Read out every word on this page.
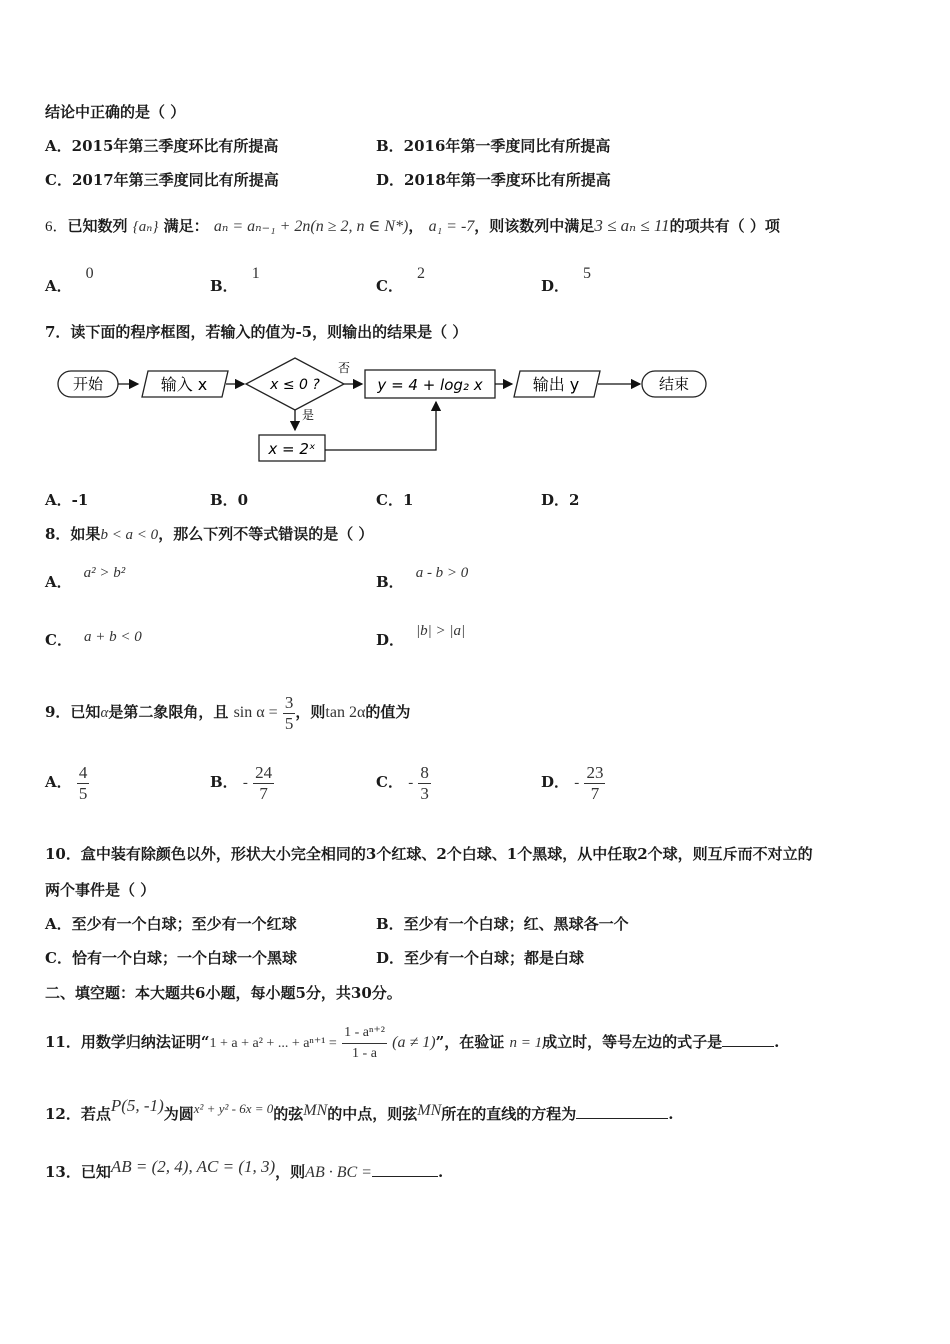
结论中正确的是（ ）
A．2015年第三季度环比有所提高	B．2016年第一季度同比有所提高
C．2017年第三季度同比有所提高	D．2018年第一季度环比有所提高
6．已知数列 {aₙ} 满足： aₙ = aₙ₋₁ + 2n(n ≥ 2, n ∈ N*)， a₁ = -7，则该数列中满足3 ≤ aₙ ≤ 11的项共有（ ）项
A．0
B．1
C．2
D．5
7．读下面的程序框图，若输入的值为-5，则输出的结果是（ ）
开始	输入 x	x ≤ 0 ?
否
y = 4 + log₂ x	输出 y	结束
是
x = 2ˣ
A．-1	B．0	C．1	D．2
8．如果b < a < 0，那么下列不等式错误的是（ ）
A． a² > b²	B． a - b > 0
C． a + b < 0	D． |b| > |a|
9．已知α是第二象限角，且 $\sin \alpha = \frac{3}{5}$ ，则tan 2α的值为
A． $\frac{4}{5}$	B． - $\frac{24}{7}$	C． - $\frac{8}{3}$	D． - $\frac{23}{7}$
10．盒中装有除颜色以外，形状大小完全相同的3个红球、2个白球、1个黑球，从中任取2个球，则互斥而不对立的
两个事件是（ ）
A．至少有一个白球；至少有一个红球	B．至少有一个白球；红、黑球各一个
C．恰有一个白球；一个白球一个黑球	D．至少有一个白球；都是白球
二、填空题：本大题共6小题，每小题5分，共30分。
11．用数学归纳法证明“1 + a + a² + ... + $a^{n+1} = \frac{\text{1 - aⁿ⁺²}}{1 - a} (a \ne 1)$”，在验证 n = 1成立时，等号左边的式子是	.
12．若点P(5, -1)为圆x² + y² - 6x = 0的弦MN的中点，则弦MN所在的直线的方程为	.
13．已知AB = (2, 4), AC = (1, 3)，则AB · BC =	.
